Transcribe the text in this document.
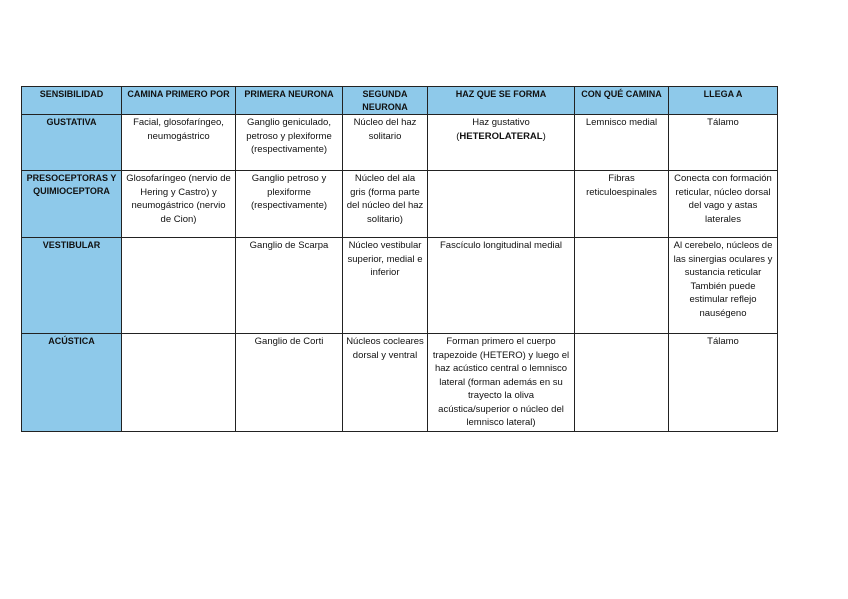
SENSIBILIDAD	CAMINA PRIMERO POR	PRIMERA NEURONA	SEGUNDA NEURONA	HAZ QUE SE FORMA	CON QUÉ CAMINA	LLEGA A
GUSTATIVA	Facial, glosofaríngeo, neumogástrico	Ganglio geniculado, petroso y plexiforme (respectivamente)	Núcleo del haz solitario	Haz gustativo (HETEROLATERAL)	Lemnisco medial	Tálamo
PRESOCEPTORAS Y QUIMIOCEPTORA	Glosofaríngeo (nervio de Hering y Castro) y neumogástrico (nervio de Cion)	Ganglio petroso y plexiforme (respectivamente)	Núcleo del ala gris (forma parte del núcleo del haz solitario)		Fibras reticuloespinales	Conecta con formación reticular, núcleo dorsal del vago y astas laterales
VESTIBULAR		Ganglio de Scarpa	Núcleo vestibular superior, medial e inferior	Fascículo longitudinal medial		Al cerebelo, núcleos de las sinergias oculares y sustancia reticular También puede estimular reflejo nauségeno
ACÚSTICA		Ganglio de Corti	Núcleos cocleares dorsal y ventral	Forman primero el cuerpo trapezoide (HETERO) y luego el haz acústico central o lemnisco lateral (forman además en su trayecto la oliva acústica/superior o núcleo del lemnisco lateral)		Tálamo
